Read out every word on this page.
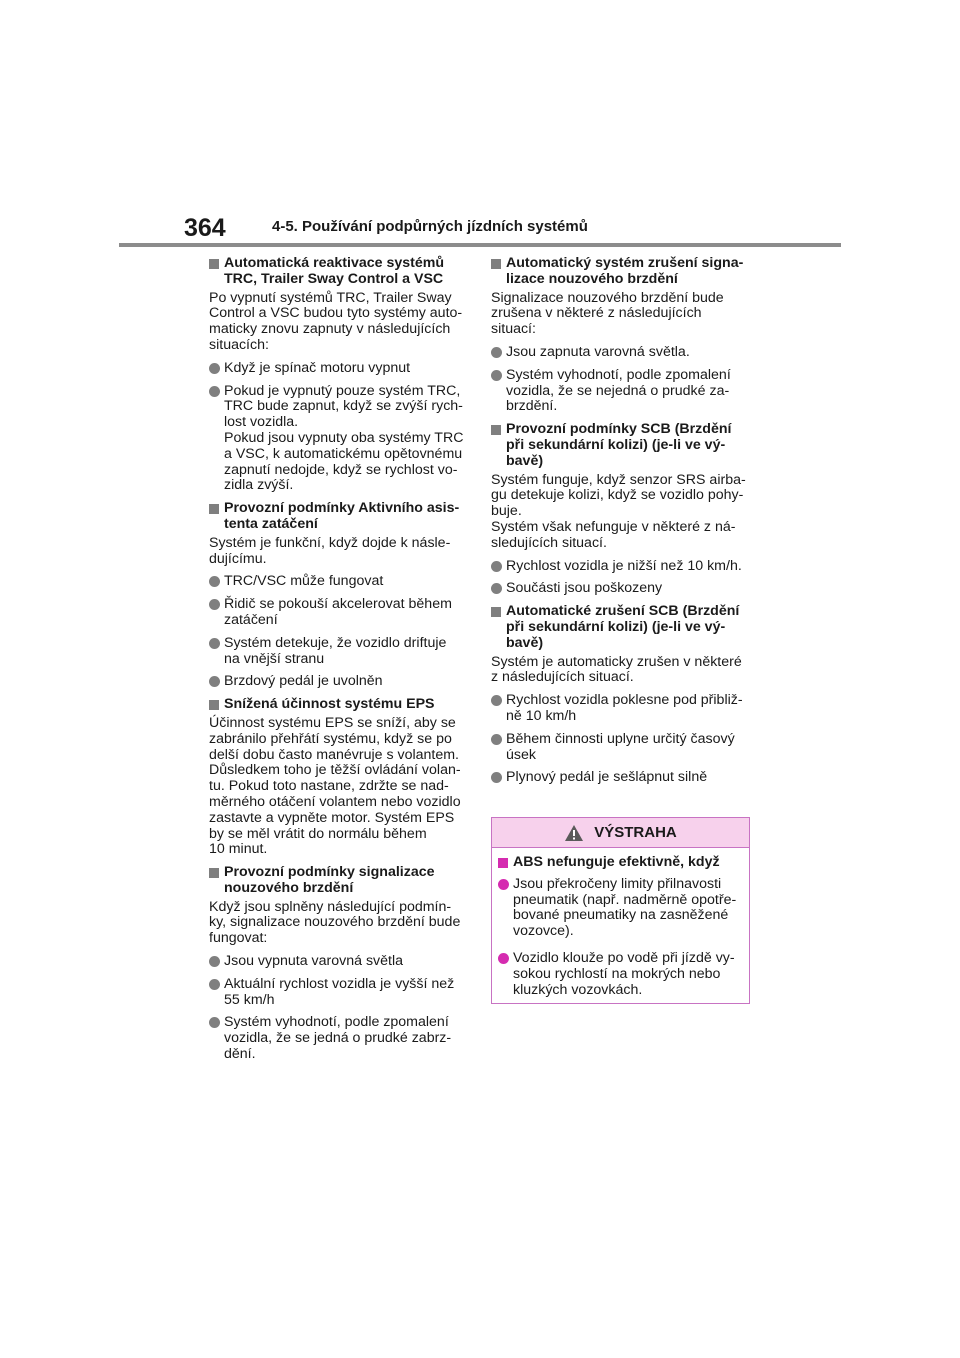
364	4-5. Používání podpůrných jízdních systémů

Automatická reaktivace systémů
TRC, Trailer Sway Control a VSC

Po vypnutí systémů TRC, Trailer Sway
Control a VSC budou tyto systémy auto-
maticky znovu zapnuty v následujících
situacích:

Když je spínač motoru vypnut

Pokud je vypnutý pouze systém TRC,
TRC bude zapnut, když se zvýší rych-
lost vozidla.
Pokud jsou vypnuty oba systémy TRC
a VSC, k automatickému opětovnému
zapnutí nedojde, když se rychlost vo-
zidla zvýší.

Provozní podmínky Aktivního asis-
tenta zatáčení

Systém je funkční, když dojde k násle-
dujícímu.

TRC/VSC může fungovat

Řidič se pokouší akcelerovat během
zatáčení

Systém detekuje, že vozidlo driftuje
na vnější stranu

Brzdový pedál je uvolněn

Snížená účinnost systému EPS

Účinnost systému EPS se sníží, aby se
zabránilo přehřátí systému, když se po
delší dobu často manévruje s volantem.
Důsledkem toho je těžší ovládání volan-
tu. Pokud toto nastane, zdržte se nad-
měrného otáčení volantem nebo vozidlo
zastavte a vypněte motor. Systém EPS
by se měl vrátit do normálu během
10 minut.

Provozní podmínky signalizace
nouzového brzdění

Když jsou splněny následující podmín-
ky, signalizace nouzového brzdění bude
fungovat:

Jsou vypnuta varovná světla

Aktuální rychlost vozidla je vyšší než
55 km/h

Systém vyhodnotí, podle zpomalení
vozidla, že se jedná o prudké zabrz-
dění.

Automatický systém zrušení signa-
lizace nouzového brzdění

Signalizace nouzového brzdění bude
zrušena v některé z následujících
situací:

Jsou zapnuta varovná světla.

Systém vyhodnotí, podle zpomalení
vozidla, že se nejedná o prudké za-
brzdění.

Provozní podmínky SCB (Brzdění
při sekundární kolizi) (je-li ve vý-
bavě)

Systém funguje, když senzor SRS airba-
gu detekuje kolizi, když se vozidlo pohy-
buje.
Systém však nefunguje v některé z ná-
sledujících situací.

Rychlost vozidla je nižší než 10 km/h.

Součásti jsou poškozeny

Automatické zrušení SCB (Brzdění
při sekundární kolizi) (je-li ve vý-
bavě)

Systém je automaticky zrušen v některé
z následujících situací.

Rychlost vozidla poklesne pod přibliž-
ně 10 km/h

Během činnosti uplyne určitý časový
úsek

Plynový pedál je sešlápnut silně

VÝSTRAHA

ABS nefunguje efektivně, když

Jsou překročeny limity přilnavosti
pneumatik (např. nadměrně opotře-
bované pneumatiky na zasněžené
vozovce).

Vozidlo klouže po vodě při jízdě vy-
sokou rychlostí na mokrých nebo
kluzkých vozovkách.
